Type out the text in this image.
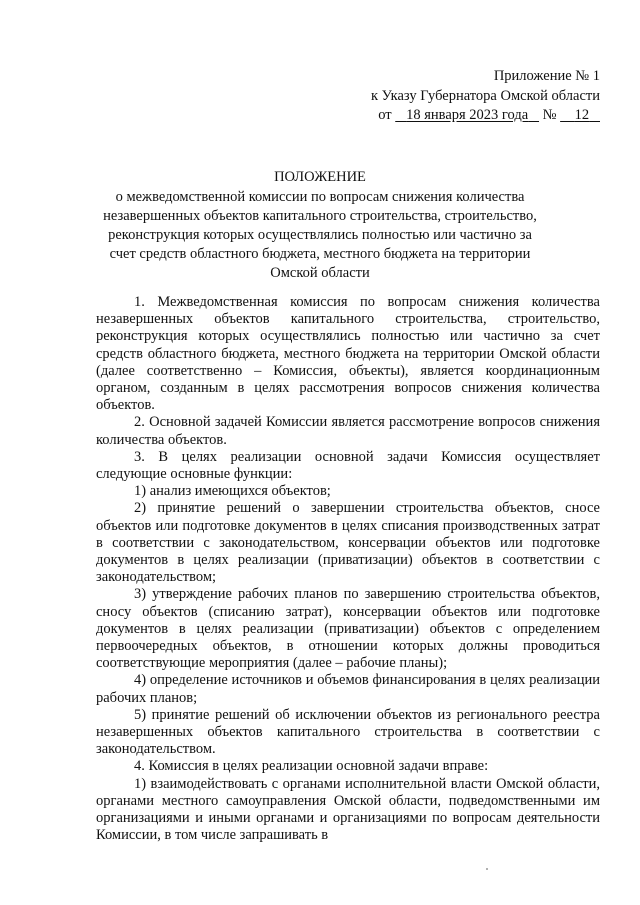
Приложение № 1
к Указу Губернатора Омской области
от 18 января 2023 года № 12
ПОЛОЖЕНИЕ
о межведомственной комиссии по вопросам снижения количества незавершенных объектов капитального строительства, строительство, реконструкция которых осуществлялись полностью или частично за счет средств областного бюджета, местного бюджета на территории Омской области

1. Межведомственная комиссия по вопросам снижения количества незавершенных объектов капитального строительства, строительство, реконструкция которых осуществлялись полностью или частично за счет средств областного бюджета, местного бюджета на территории Омской области (далее соответственно – Комиссия, объекты), является координационным органом, созданным в целях рассмотрения вопросов снижения количества объектов.

2. Основной задачей Комиссии является рассмотрение вопросов снижения количества объектов.

3. В целях реализации основной задачи Комиссия осуществляет следующие основные функции:

1) анализ имеющихся объектов;

2) принятие решений о завершении строительства объектов, сносе объектов или подготовке документов в целях списания производственных затрат в соответствии с законодательством, консервации объектов или подготовке документов в целях реализации (приватизации) объектов в соответствии с законодательством;

3) утверждение рабочих планов по завершению строительства объектов, сносу объектов (списанию затрат), консервации объектов или подготовке документов в целях реализации (приватизации) объектов с определением первоочередных объектов, в отношении которых должны проводиться соответствующие мероприятия (далее – рабочие планы);

4) определение источников и объемов финансирования в целях реализации рабочих планов;

5) принятие решений об исключении объектов из регионального реестра незавершенных объектов капитального строительства в соответствии с законодательством.

4. Комиссия в целях реализации основной задачи вправе:

1) взаимодействовать с органами исполнительной власти Омской области, органами местного самоуправления Омской области, подведомственными им организациями и иными органами и организациями по вопросам деятельности Комиссии, в том числе запрашивать в
